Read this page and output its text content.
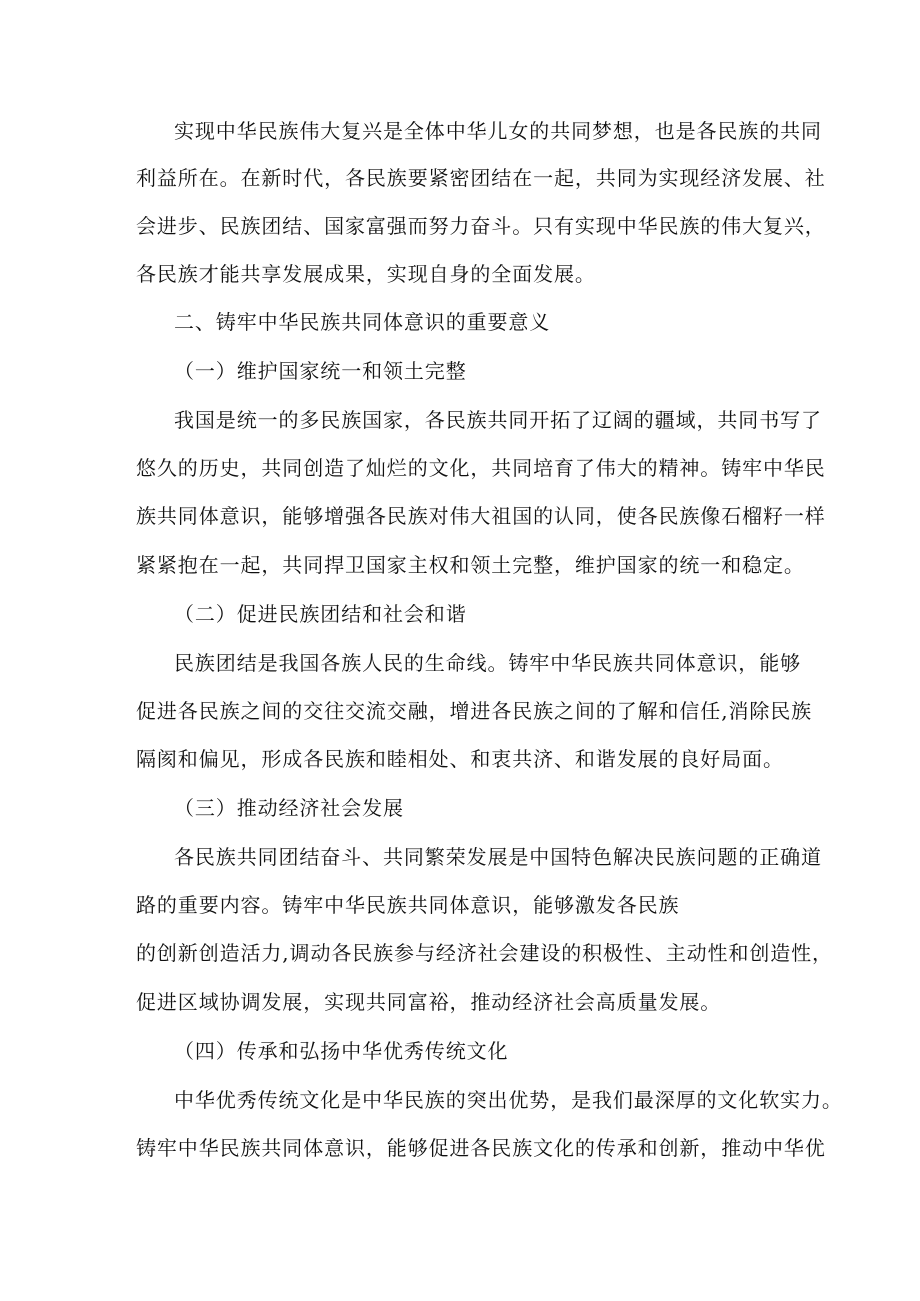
实现中华民族伟大复兴是全体中华儿女的共同梦想，也是各民族的共同
利益所在。在新时代，各民族要紧密团结在一起，共同为实现经济发展、社
会进步、民族团结、国家富强而努力奋斗。只有实现中华民族的伟大复兴，
各民族才能共享发展成果，实现自身的全面发展。
二、铸牢中华民族共同体意识的重要意义
（一）维护国家统一和领土完整
我国是统一的多民族国家，各民族共同开拓了辽阔的疆域，共同书写了
悠久的历史，共同创造了灿烂的文化，共同培育了伟大的精神。铸牢中华民
族共同体意识，能够增强各民族对伟大祖国的认同，使各民族像石榴籽一样
紧紧抱在一起，共同捍卫国家主权和领土完整，维护国家的统一和稳定。
（二）促进民族团结和社会和谐
民族团结是我国各族人民的生命线。铸牢中华民族共同体意识，能够
促进各民族之间的交往交流交融，增进各民族之间的了解和信任,消除民族
隔阂和偏见，形成各民族和睦相处、和衷共济、和谐发展的良好局面。
（三）推动经济社会发展
各民族共同团结奋斗、共同繁荣发展是中国特色解决民族问题的正确道
路的重要内容。铸牢中华民族共同体意识，能够激发各民族
的创新创造活力,调动各民族参与经济社会建设的积极性、主动性和创造性，
促进区域协调发展，实现共同富裕，推动经济社会高质量发展。
（四）传承和弘扬中华优秀传统文化
中华优秀传统文化是中华民族的突出优势，是我们最深厚的文化软实力。
铸牢中华民族共同体意识，能够促进各民族文化的传承和创新，推动中华优
